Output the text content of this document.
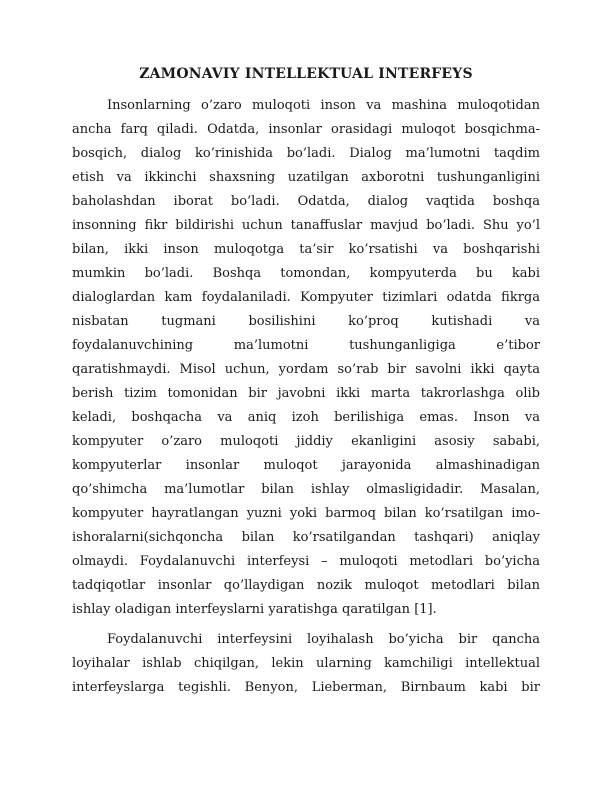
ZAMONAVIY INTELLEKTUAL INTERFEYS

Insonlarning o’zaro muloqoti inson va mashina muloqotidan
ancha farq qiladi. Odatda, insonlar orasidagi muloqot bosqichma-
bosqich, dialog ko’rinishida bo’ladi. Dialog ma’lumotni taqdim
etish va ikkinchi shaxsning uzatilgan axborotni tushunganligini
baholashdan iborat bo’ladi. Odatda, dialog vaqtida boshqa
insonning fikr bildirishi uchun tanaffuslar mavjud bo’ladi. Shu yo’l
bilan, ikki inson muloqotga ta’sir ko’rsatishi va boshqarishi
mumkin bo’ladi. Boshqa tomondan, kompyuterda bu kabi
dialoglardan kam foydalaniladi. Kompyuter tizimlari odatda fikrga
nisbatan tugmani bosilishini ko’proq kutishadi va
foydalanuvchining ma’lumotni tushunganligiga e’tibor
qaratishmaydi. Misol uchun, yordam so’rab bir savolni ikki qayta
berish tizim tomonidan bir javobni ikki marta takrorlashga olib
keladi, boshqacha va aniq izoh berilishiga emas. Inson va
kompyuter o’zaro muloqoti jiddiy ekanligini asosiy sababi,
kompyuterlar insonlar muloqot jarayonida almashinadigan
qo’shimcha ma’lumotlar bilan ishlay olmasligidadir. Masalan,
kompyuter hayratlangan yuzni yoki barmoq bilan ko’rsatilgan imo-
ishoralarni(sichqoncha bilan ko’rsatilgandan tashqari) aniqlay
olmaydi. Foydalanuvchi interfeysi – muloqoti metodlari bo’yicha
tadqiqotlar insonlar qo’llaydigan nozik muloqot metodlari bilan
ishlay oladigan interfeyslarni yaratishga qaratilgan [1].

Foydalanuvchi interfeysini loyihalash bo’yicha bir qancha
loyihalar ishlab chiqilgan, lekin ularning kamchiligi intellektual
interfeyslarga tegishli. Benyon, Lieberman, Birnbaum kabi bir
